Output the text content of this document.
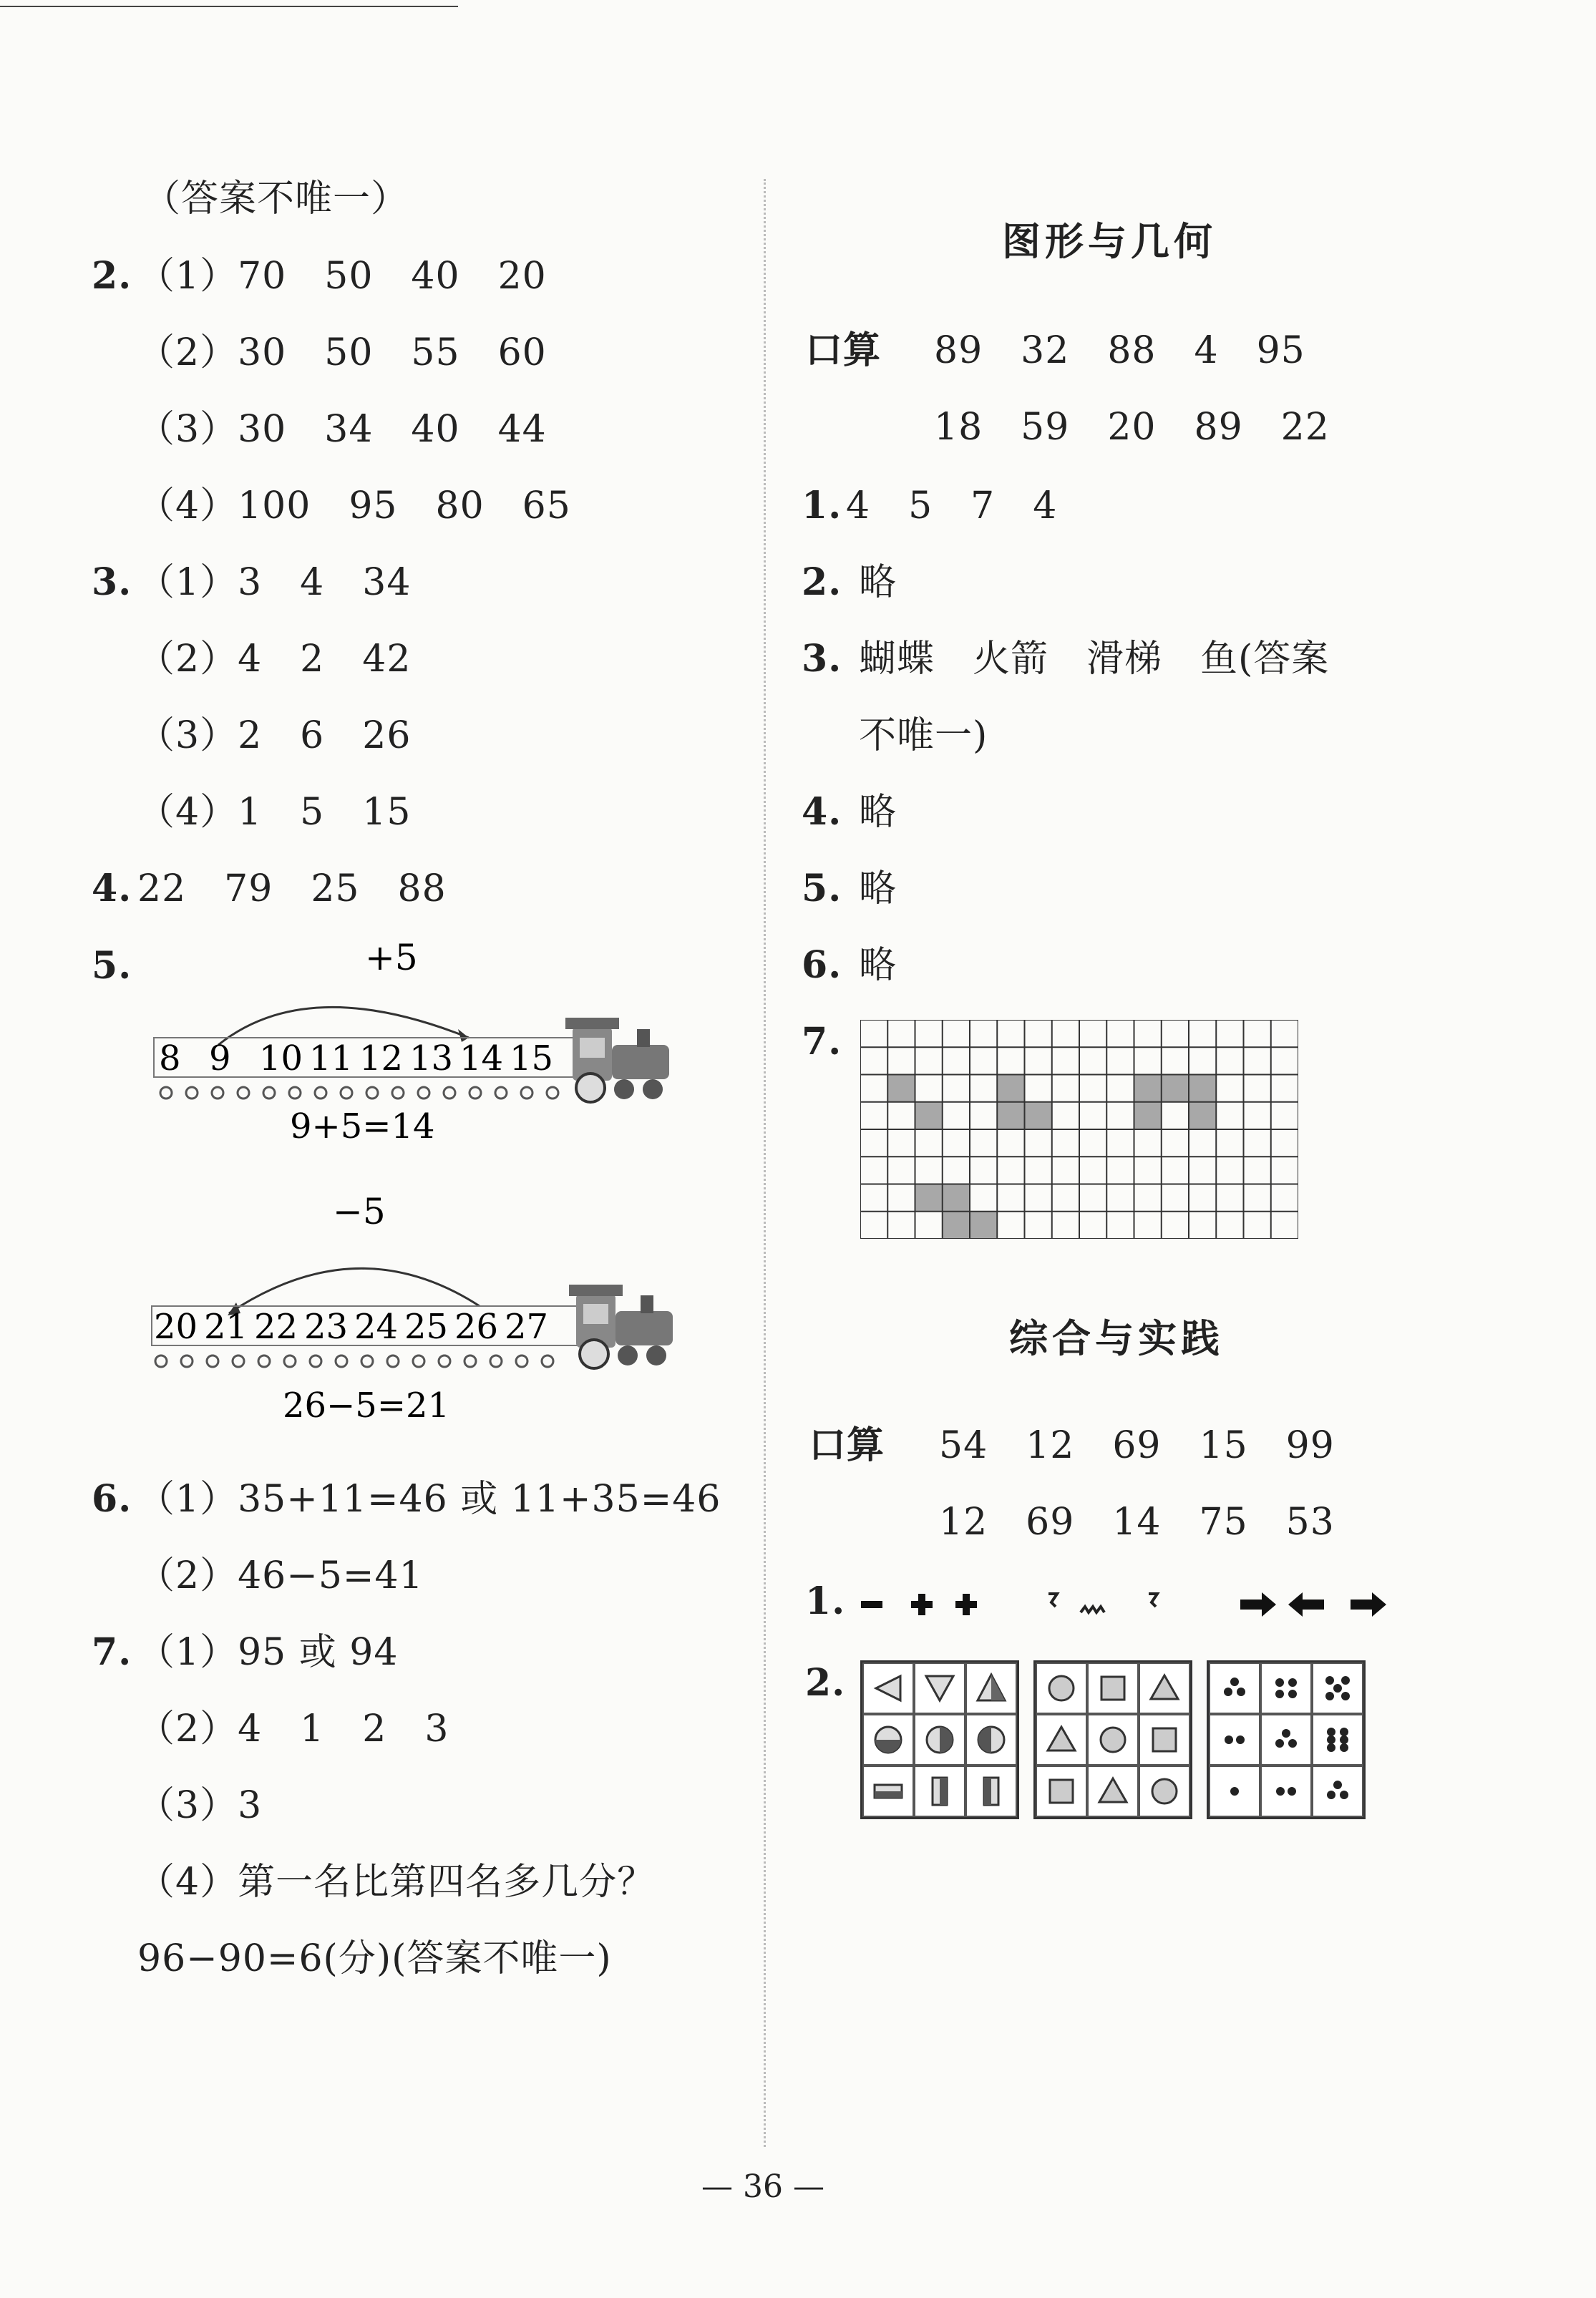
（答案不唯一）
2. （1）70　50　40　20
（2）30　50　55　60
（3）30　34　40　44
（4）100　95　80　65
3. （1）3　4　34
（2）4　2　42
（3）2　6　26
（4）1　5　15
4. 22　79　25　88
5.	+5
8 9 10 11 12 13 14 15
9+5=14
−5
20 21 22 23 24 25 26 27
26−5=21
6. （1）35+11=46 或 11+35=46
（2）46−5=41
7. （1）95 或 94
（2）4　1　2　3
（3）3
（4）第一名比第四名多几分？
96−90=6(分)(答案不唯一)
图形与几何
口算 89　32　88　4　95
18　59　20　89　22
1. 4　5　7　4
2. 略
3. 蝴蝶　火箭　滑梯　鱼(答案
不唯一)
4. 略
5. 略
6. 略
7.
综合与实践
口算 54　12　69　15　99
12　69　14　75　53
1.
2.
— 36 —
